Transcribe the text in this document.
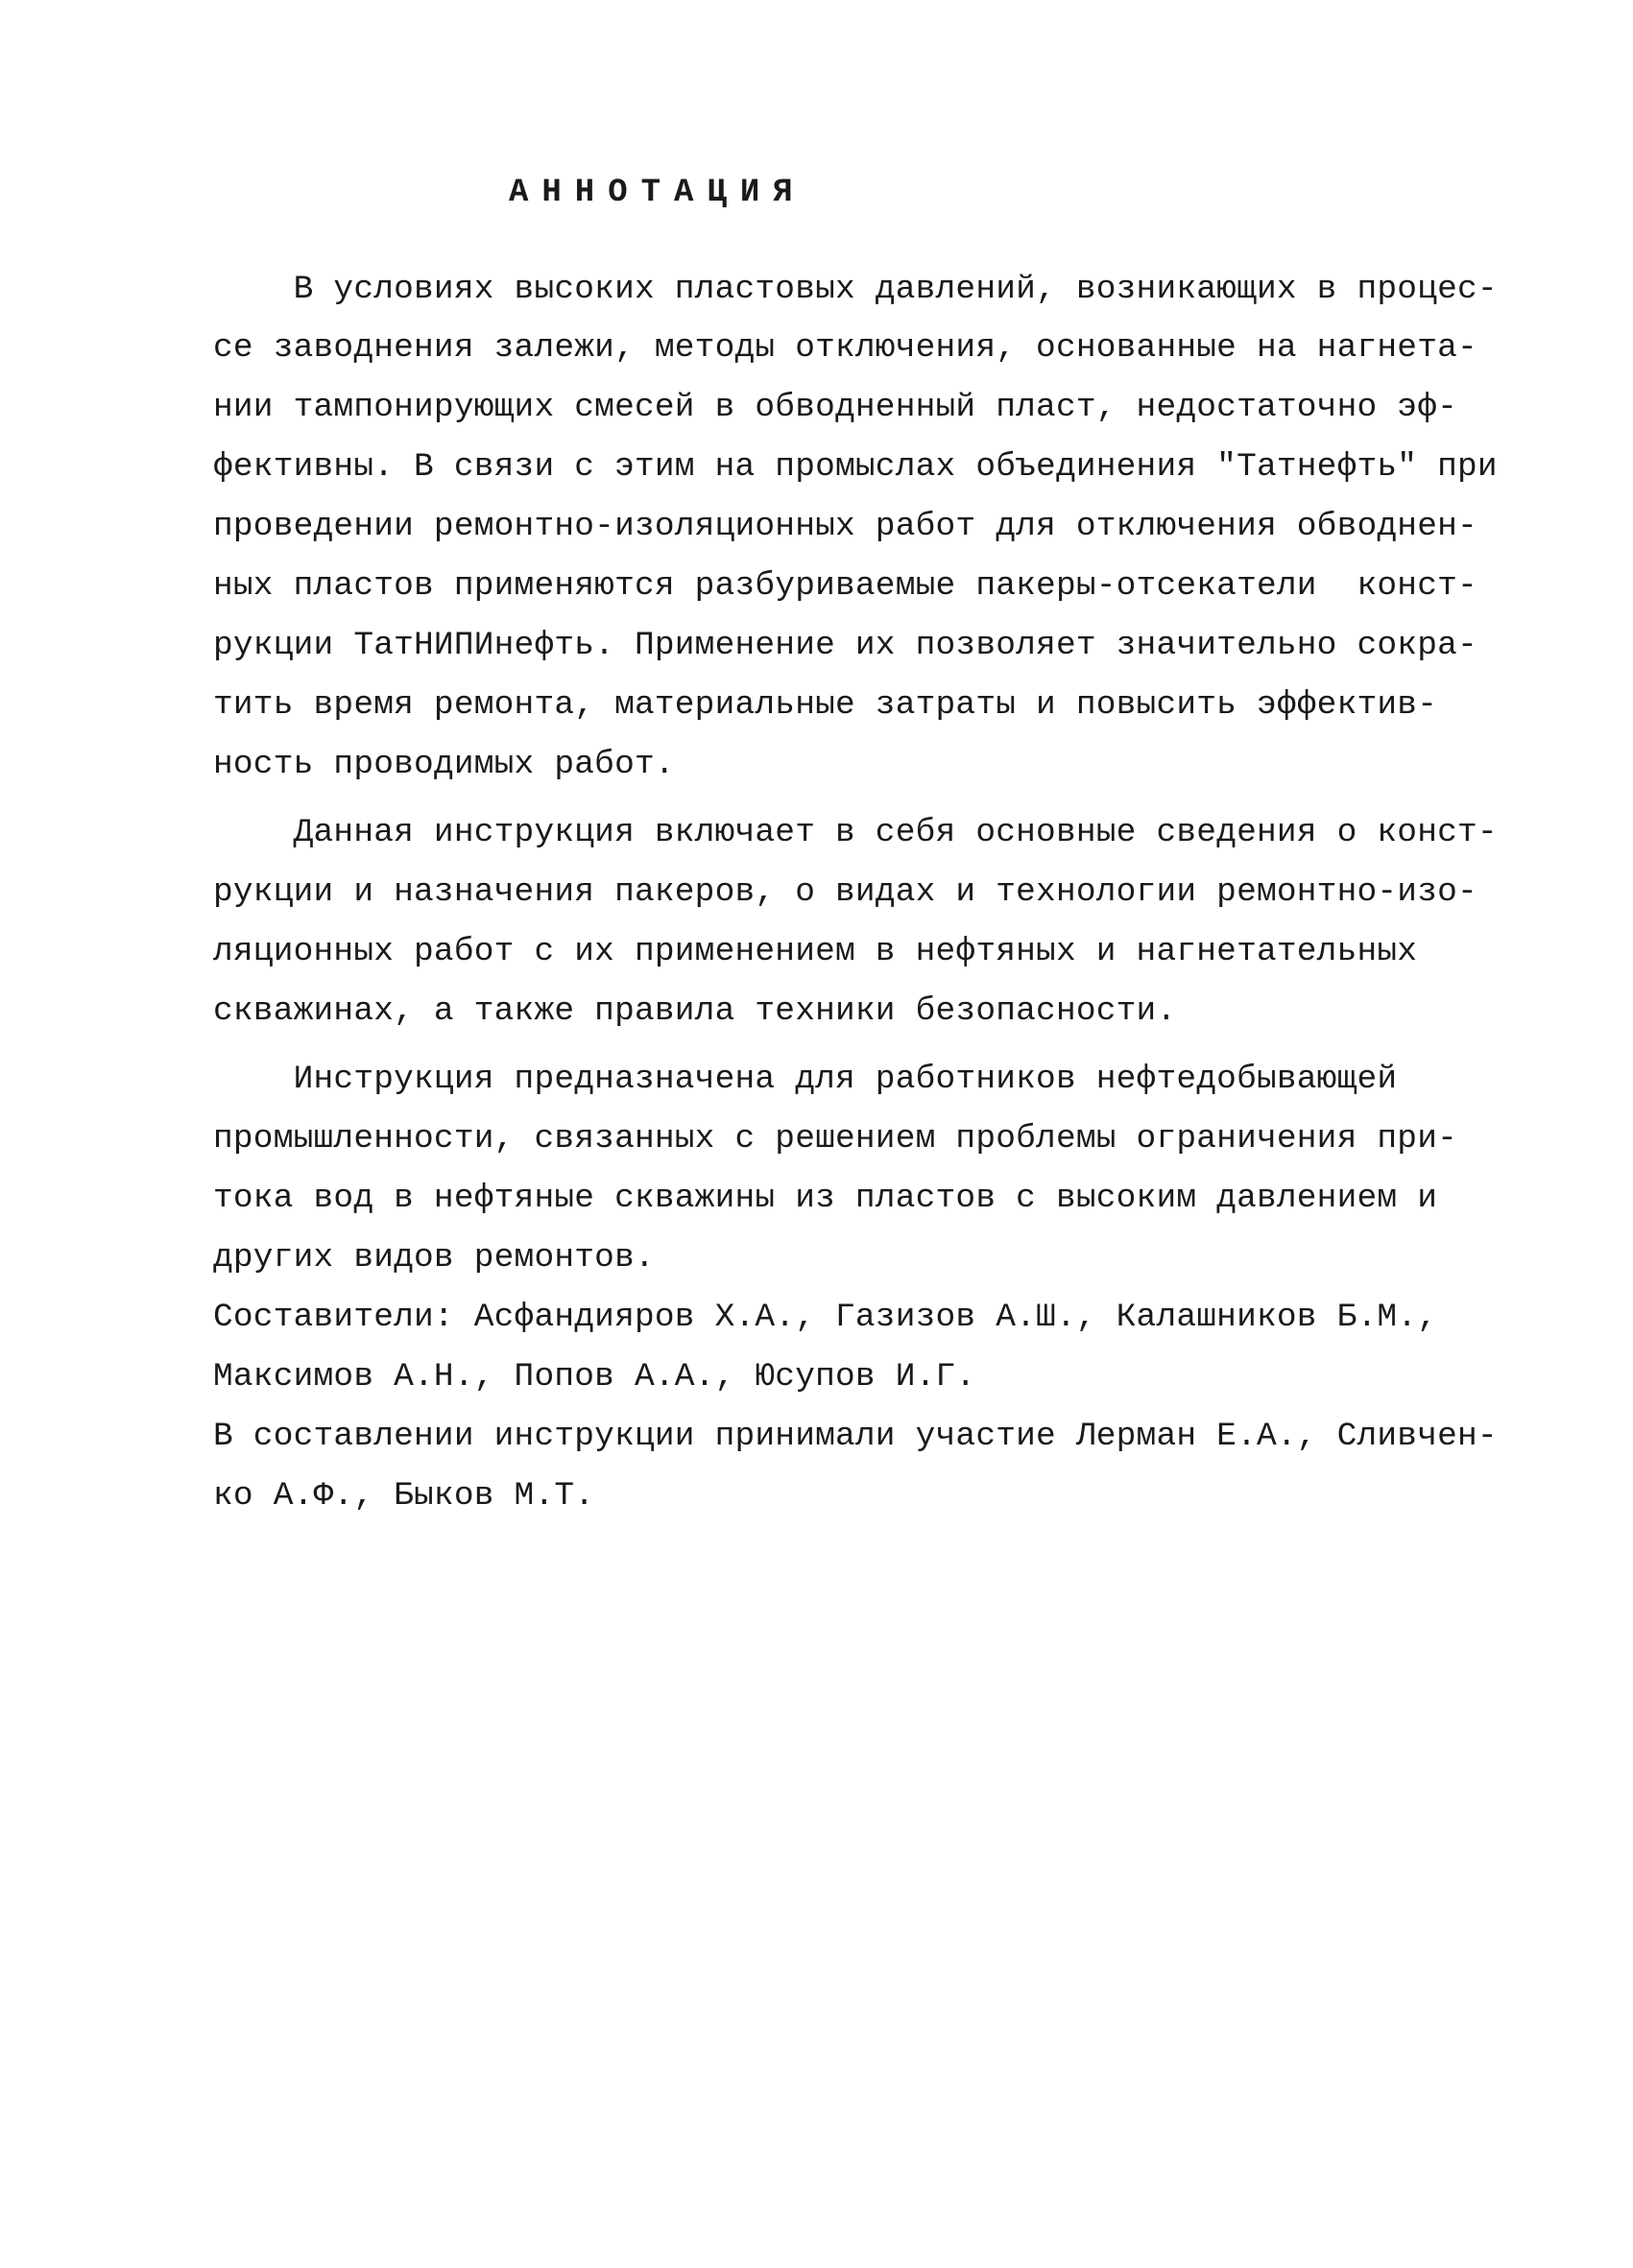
АННОТАЦИЯ
В условиях высоких пластовых давлений, возникающих в процес-
се заводнения залежи, методы отключения, основанные на нагнета-
нии тампонирующих смесей в обводненный пласт, недостаточно эф-
фективны. В связи с этим на промыслах объединения "Татнефть" при
проведении ремонтно-изоляционных работ для отключения обводнен-
ных пластов применяются разбуриваемые пакеры-отсекатели  конст-
рукции ТатНИПИнефть. Применение их позволяет значительно сокра-
тить время ремонта, материальные затраты и повысить эффектив-
ность проводимых работ.
Данная инструкция включает в себя основные сведения о конст-
рукции и назначения пакеров, о видах и технологии ремонтно-изо-
ляционных работ с их применением в нефтяных и нагнетательных
скважинах, а также правила техники безопасности.
Инструкция предназначена для работников нефтедобывающей
промышленности, связанных с решением проблемы ограничения при-
тока вод в нефтяные скважины из пластов с высоким давлением и
других видов ремонтов.
Составители: Асфандияров Х.А., Газизов А.Ш., Калашников Б.М.,
Максимов А.Н., Попов А.А., Юсупов И.Г.
В составлении инструкции принимали участие Лерман Е.А., Сливчен-
ко А.Ф., Быков М.Т.
